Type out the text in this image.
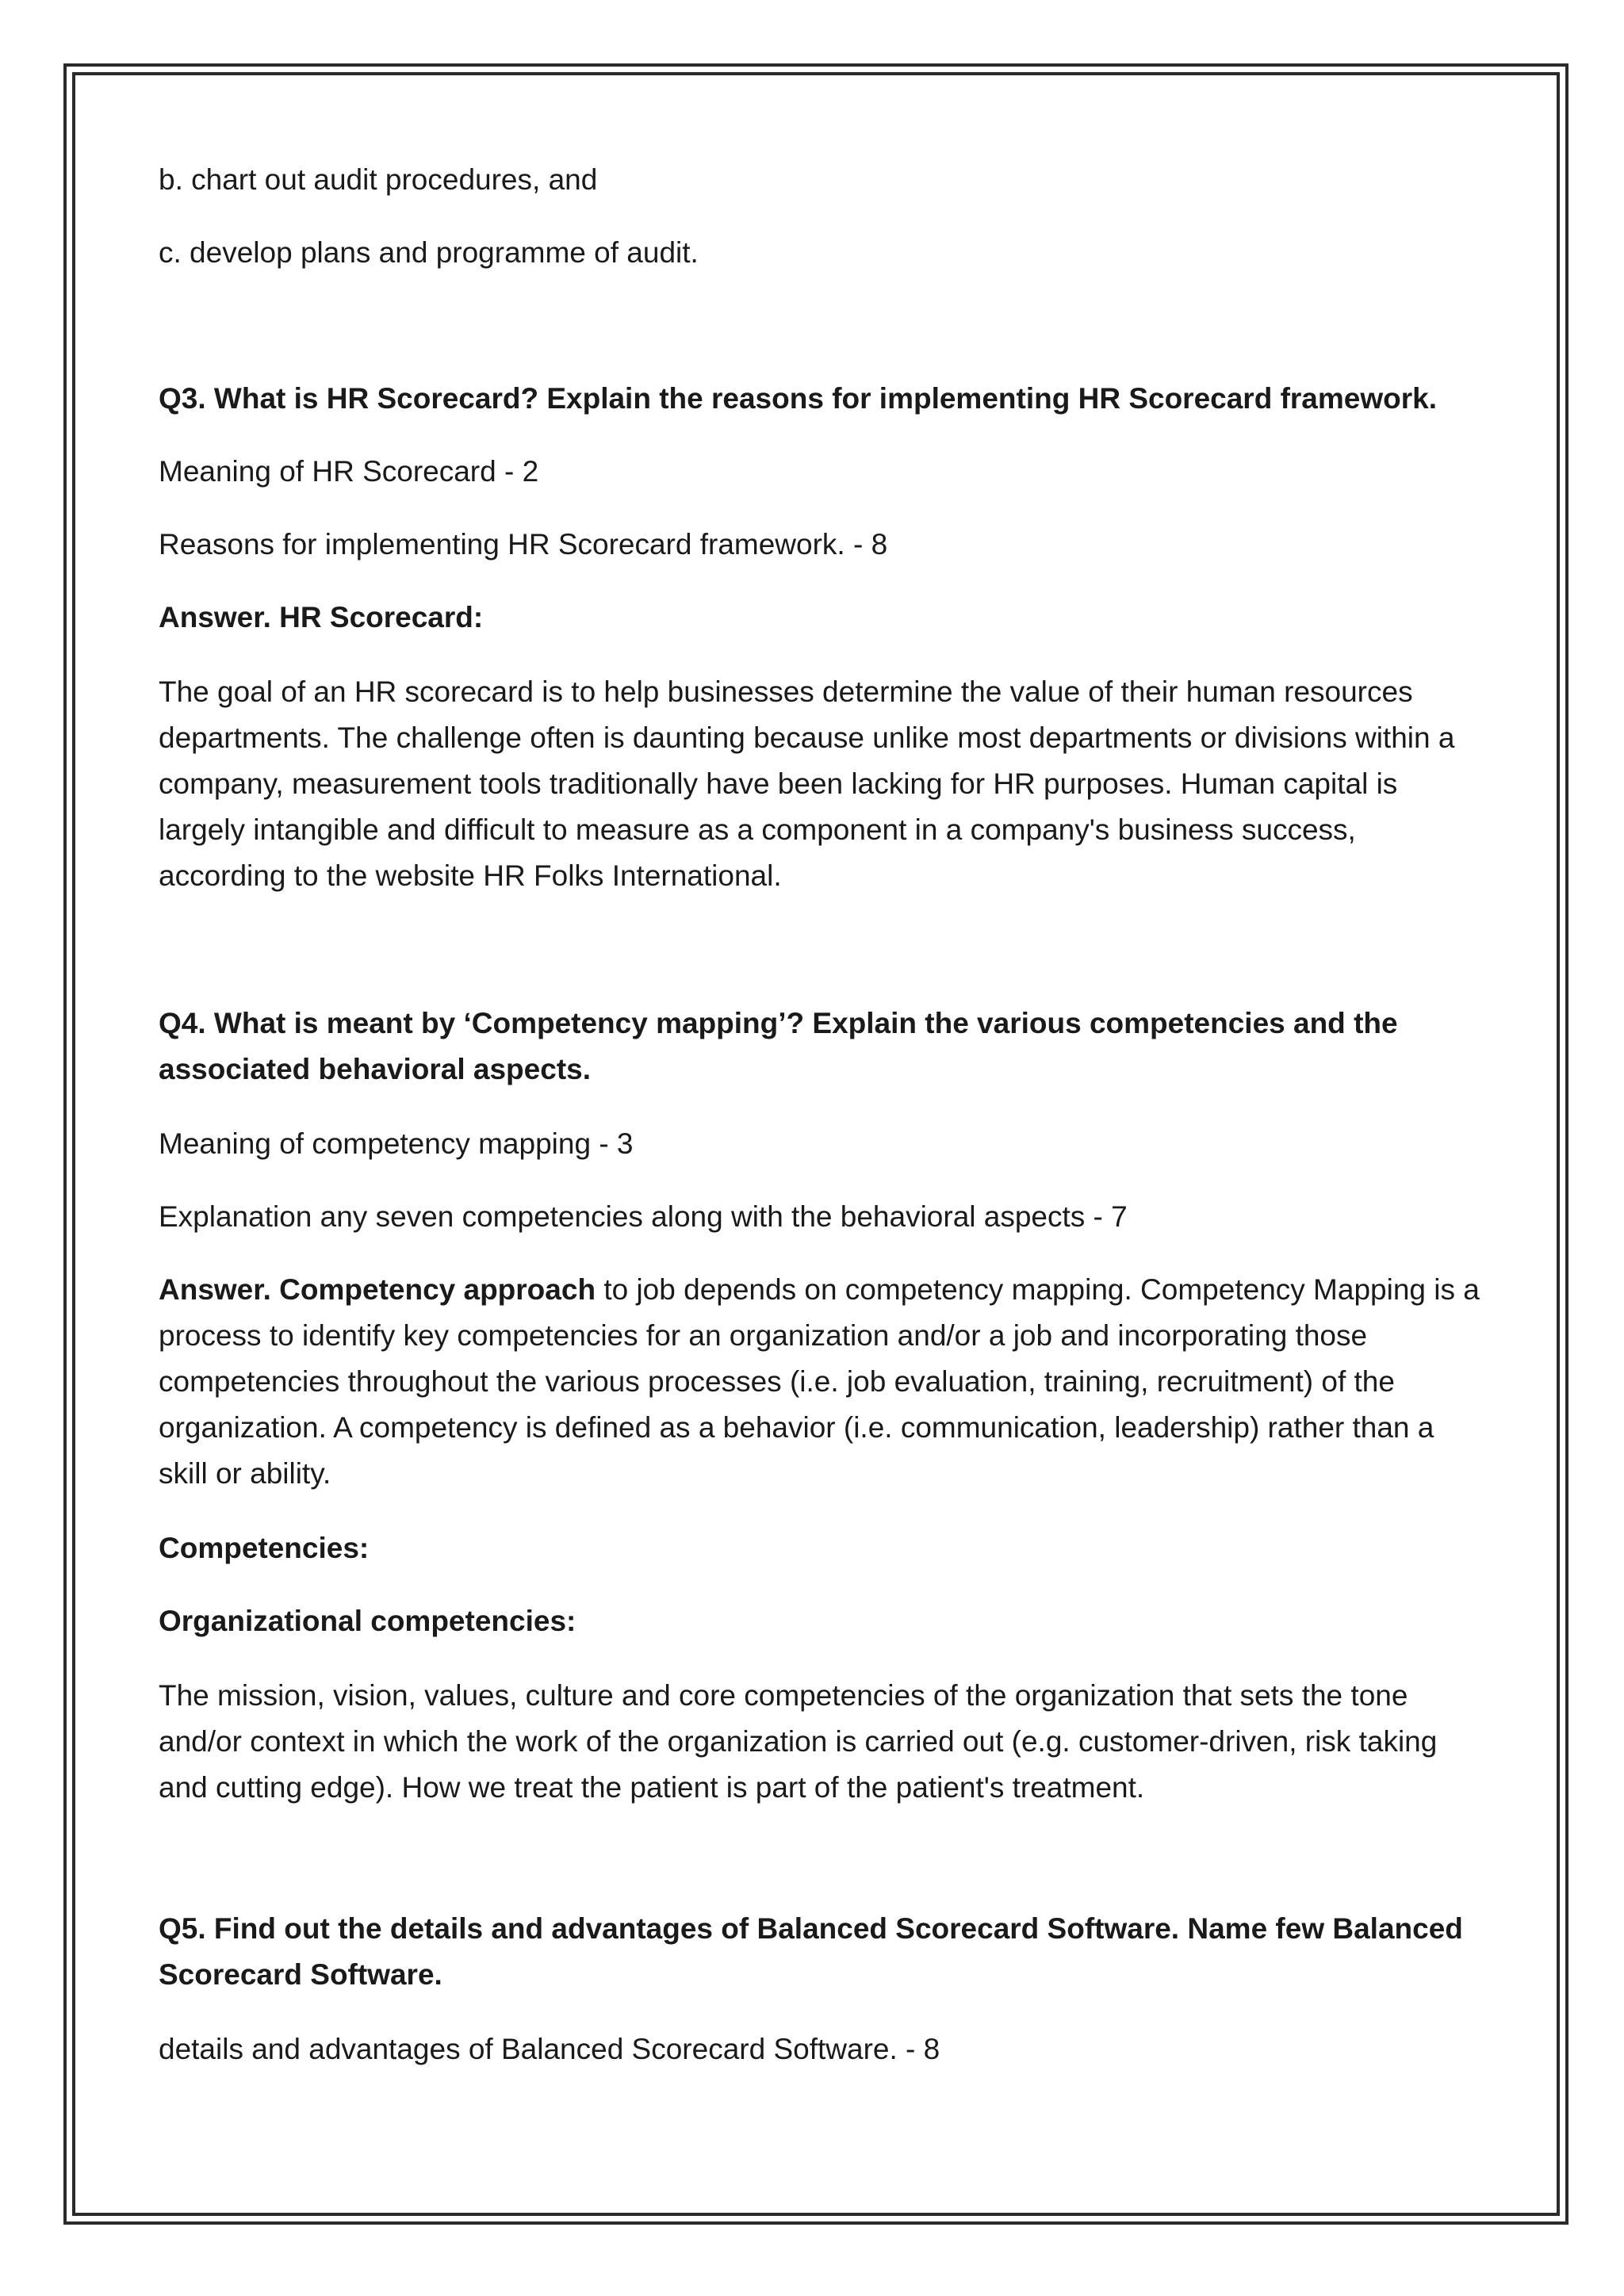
b. chart out audit procedures, and

c. develop plans and programme of audit.

Q3. What is HR Scorecard? Explain the reasons for implementing HR Scorecard framework.

Meaning of HR Scorecard - 2

Reasons for implementing HR Scorecard framework. - 8

Answer. HR Scorecard:

The goal of an HR scorecard is to help businesses determine the value of their human resources departments. The challenge often is daunting because unlike most departments or divisions within a company, measurement tools traditionally have been lacking for HR purposes. Human capital is largely intangible and difficult to measure as a component in a company's business success, according to the website HR Folks International.

Q4. What is meant by ‘Competency mapping’? Explain the various competencies and the associated behavioral aspects.

Meaning of competency mapping - 3

Explanation any seven competencies along with the behavioral aspects - 7

Answer. Competency approach to job depends on competency mapping. Competency Mapping is a process to identify key competencies for an organization and/or a job and incorporating those competencies throughout the various processes (i.e. job evaluation, training, recruitment) of the organization. A competency is defined as a behavior (i.e. communication, leadership) rather than a skill or ability.

Competencies:

Organizational competencies:

The mission, vision, values, culture and core competencies of the organization that sets the tone and/or context in which the work of the organization is carried out (e.g. customer-driven, risk taking and cutting edge). How we treat the patient is part of the patient's treatment.

Q5. Find out the details and advantages of Balanced Scorecard Software. Name few Balanced Scorecard Software.

details and advantages of Balanced Scorecard Software. - 8
